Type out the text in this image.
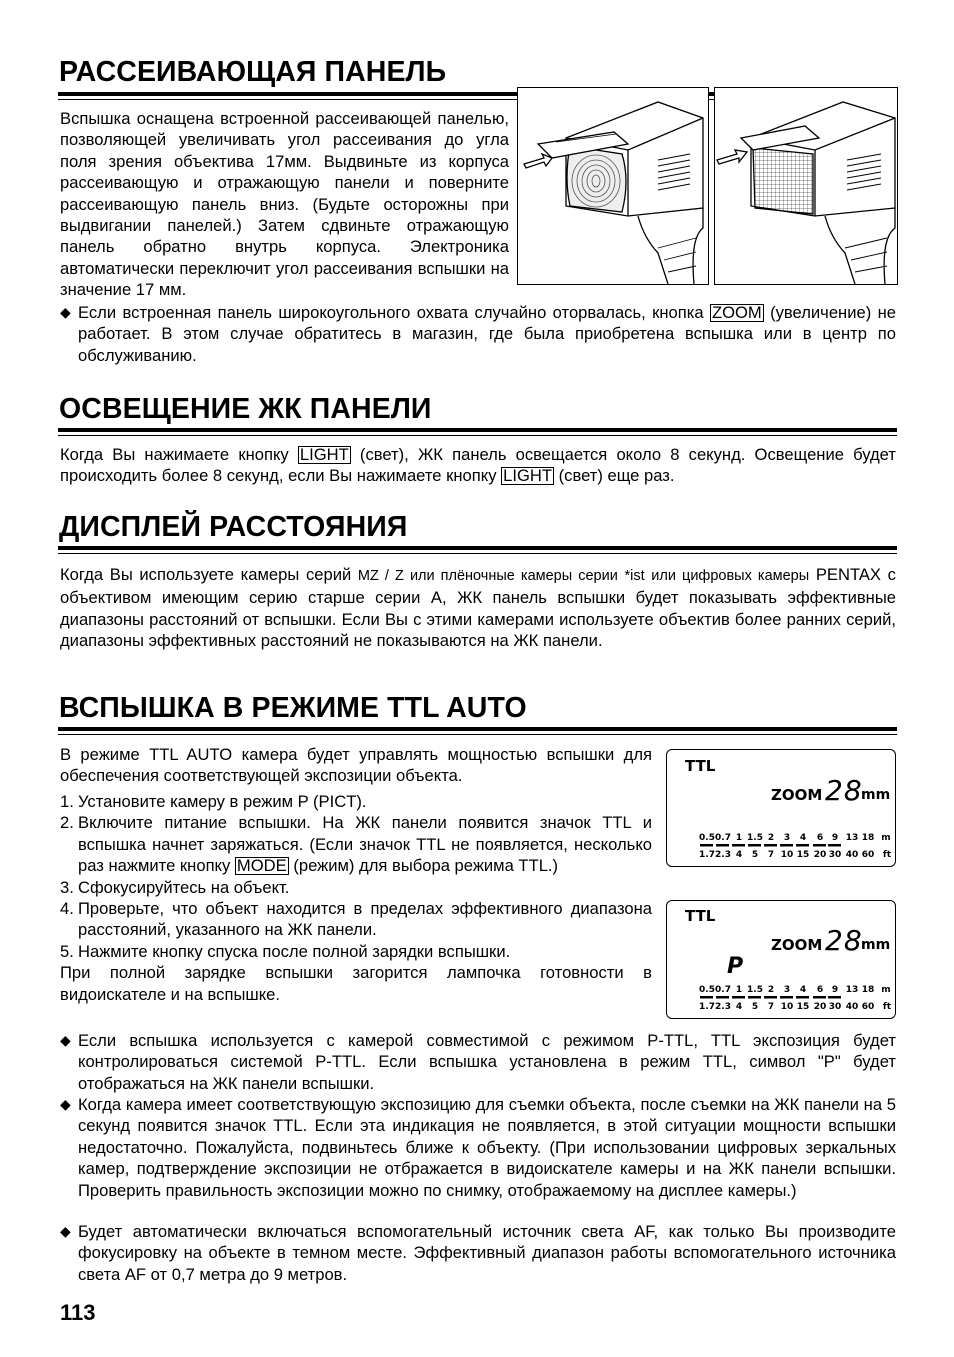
РАССЕИВАЮЩАЯ ПАНЕЛЬ

Вспышка оснащена встроенной рассеивающей панелью, позволяющей увеличивать угол рассеивания до угла поля зрения объектива 17мм. Выдвиньте из корпуса рассеивающую и отражающую панели и поверните рассеивающую панель вниз. (Будьте осторожны при выдвигании панелей.) Затем сдвиньте отражающую панель обратно внутрь корпуса. Электроника автоматически переключит угол рассеивания вспышки на значение 17 мм.

◆ Если встроенная панель широкоугольного охвата случайно оторвалась, кнопка ZOOM (увеличение) не работает. В этом случае обратитесь в магазин, где была приобретена вспышка или в центр по обслуживанию.

ОСВЕЩЕНИЕ ЖК ПАНЕЛИ

Когда Вы нажимаете кнопку LIGHT (свет), ЖК панель освещается около 8 секунд. Освещение будет происходить более 8 секунд, если Вы нажимаете кнопку LIGHT (свет) еще раз.

ДИСПЛЕЙ РАССТОЯНИЯ

Когда Вы используете камеры серий MZ / Z или плёночные камеры серии *ist или цифровых камеры PENTAX с объективом имеющим серию старше серии A, ЖК панель вспышки будет показывать эффективные диапазоны расстояний от вспышки. Если Вы с этими камерами используете объектив более ранних серий, диапазоны эффективных расстояний не показываются на ЖК панели.

ВСПЫШКА В РЕЖИМЕ TTL AUTO

В режиме TTL AUTO камера будет управлять мощностью вспышки для обеспечения соответствующей экспозиции объекта.

1. Установите камеру в режим P (PICT).

2. Включите питание вспышки. На ЖК панели появится значок TTL и вспышка начнет заряжаться. (Если значок TTL не появляется, несколько раз нажмите кнопку MODE (режим) для выбора режима TTL.)

3. Сфокусируйтесь на объект.

4. Проверьте, что объект находится в пределах эффективного диапазона расстояний, указанного на ЖК панели.

5. Нажмите кнопку спуска после полной зарядки вспышки.

При полной зарядке вспышки загорится лампочка готовности в видоискателе и на вспышке.

TTL
ZOOM 28
mm
0.5 0.7 1 1.5 2 3 4 6 9 13 18 m
1.7 2.3 4 5 7 10 15 20 30 40 60 ft
TTL
ZOOM 28
mm
P
0.5 0.7 1 1.5 2 3 4 6 9 13 18 m
1.7 2.3 4 5 7 10 15 20 30 40 60 ft
◆ Если вспышка используется с камерой совместимой с режимом P-TTL, TTL экспозиция будет контролироваться системой P-TTL. Если вспышка установлена в режим TTL, символ "P" будет отображаться на ЖК панели вспышки.

◆ Когда камера имеет соответствующую экспозицию для съемки объекта, после съемки на ЖК панели на 5 секунд появится значок TTL. Если эта индикация не появляется, в этой ситуации мощности вспышки недостаточно. Пожалуйста, подвиньтесь ближе к объекту. (При использовании цифровых зеркальных камер, подтверждение экспозиции не отбражается в видоискателе камеры и на ЖК панели вспышки. Проверить правильность экспозиции можно по снимку, отображаемому на дисплее камеры.)

◆ Будет автоматически включаться вспомогательный источник света AF, как только Вы производите фокусировку на объекте в темном месте. Эффективный диапазон работы вспомогательного источника света AF от 0,7 метра до 9 метров.

113
